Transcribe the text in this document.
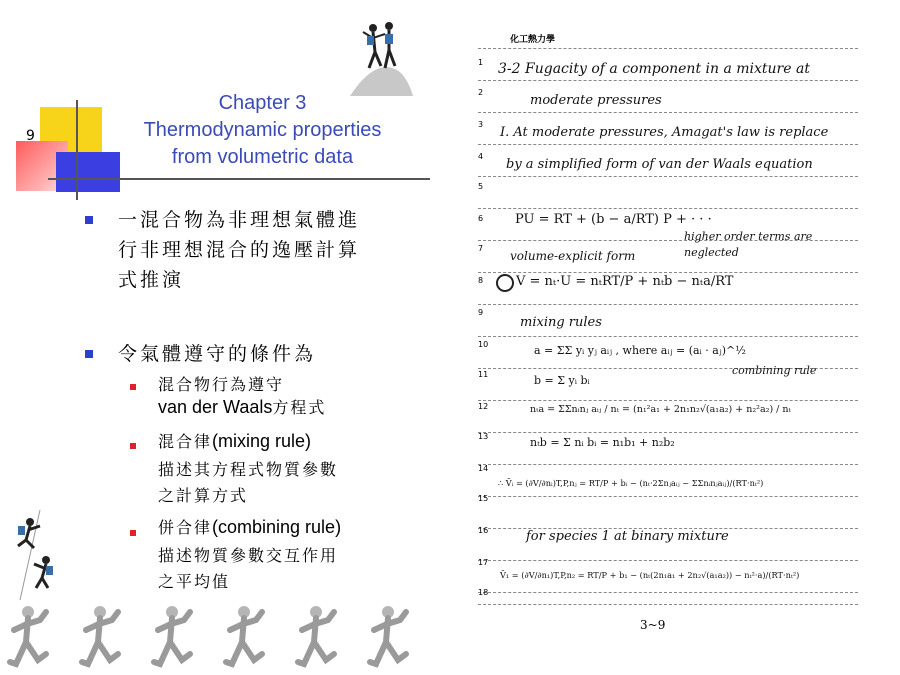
9
Chapter 3
Thermodynamic properties
from volumetric data
一混合物為非理想氣體進
行非理想混合的逸壓計算
式推演
令氣體遵守的條件為
混合物行為遵守
van der Waals方程式
混合律(mixing rule)
描述其方程式物質參數
之計算方式
併合律(combining rule)
描述物質參數交互作用
之平均值
化工熱力學
1
2
3
4
5
6
7
8
9
10
11
12
13
14
15
16
17
18
3-2 Fugacity of a component in a mixture at
moderate pressures
I. At moderate pressures, Amagat's law is replace
by a simplified form of van der Waals equation
PU = RT + (b − a/RT) P + · · ·
volume-explicit form
higher order terms are neglected
V = nₜ·U = nₜRT/P + nₜb − nₜa/RT
mixing rules
a = ΣΣ yᵢ yⱼ aᵢⱼ , where aᵢⱼ = (aᵢ · aⱼ)^½
b = Σ yᵢ bᵢ
combining rule
nₜa = ΣΣnᵢnⱼ aᵢⱼ / nₜ = (n₁²a₁ + 2n₁n₂√(a₁a₂) + n₂²a₂) / nₜ
nₜb = Σ nᵢ bᵢ = n₁b₁ + n₂b₂
∴ V̄ᵢ = (∂V/∂nᵢ)T,P,nⱼ = RT/P + bᵢ − (nₜ·2Σnⱼaᵢⱼ − ΣΣnᵢnⱼaᵢⱼ)/(RT·nₜ²)
for species 1 at binary mixture
V̄₁ = (∂V/∂n₁)T,P,n₂ = RT/P + b₁ − (nₜ(2n₁a₁ + 2n₂√(a₁a₂)) − nₜ²·a)/(RT·nₜ²)
3~9
